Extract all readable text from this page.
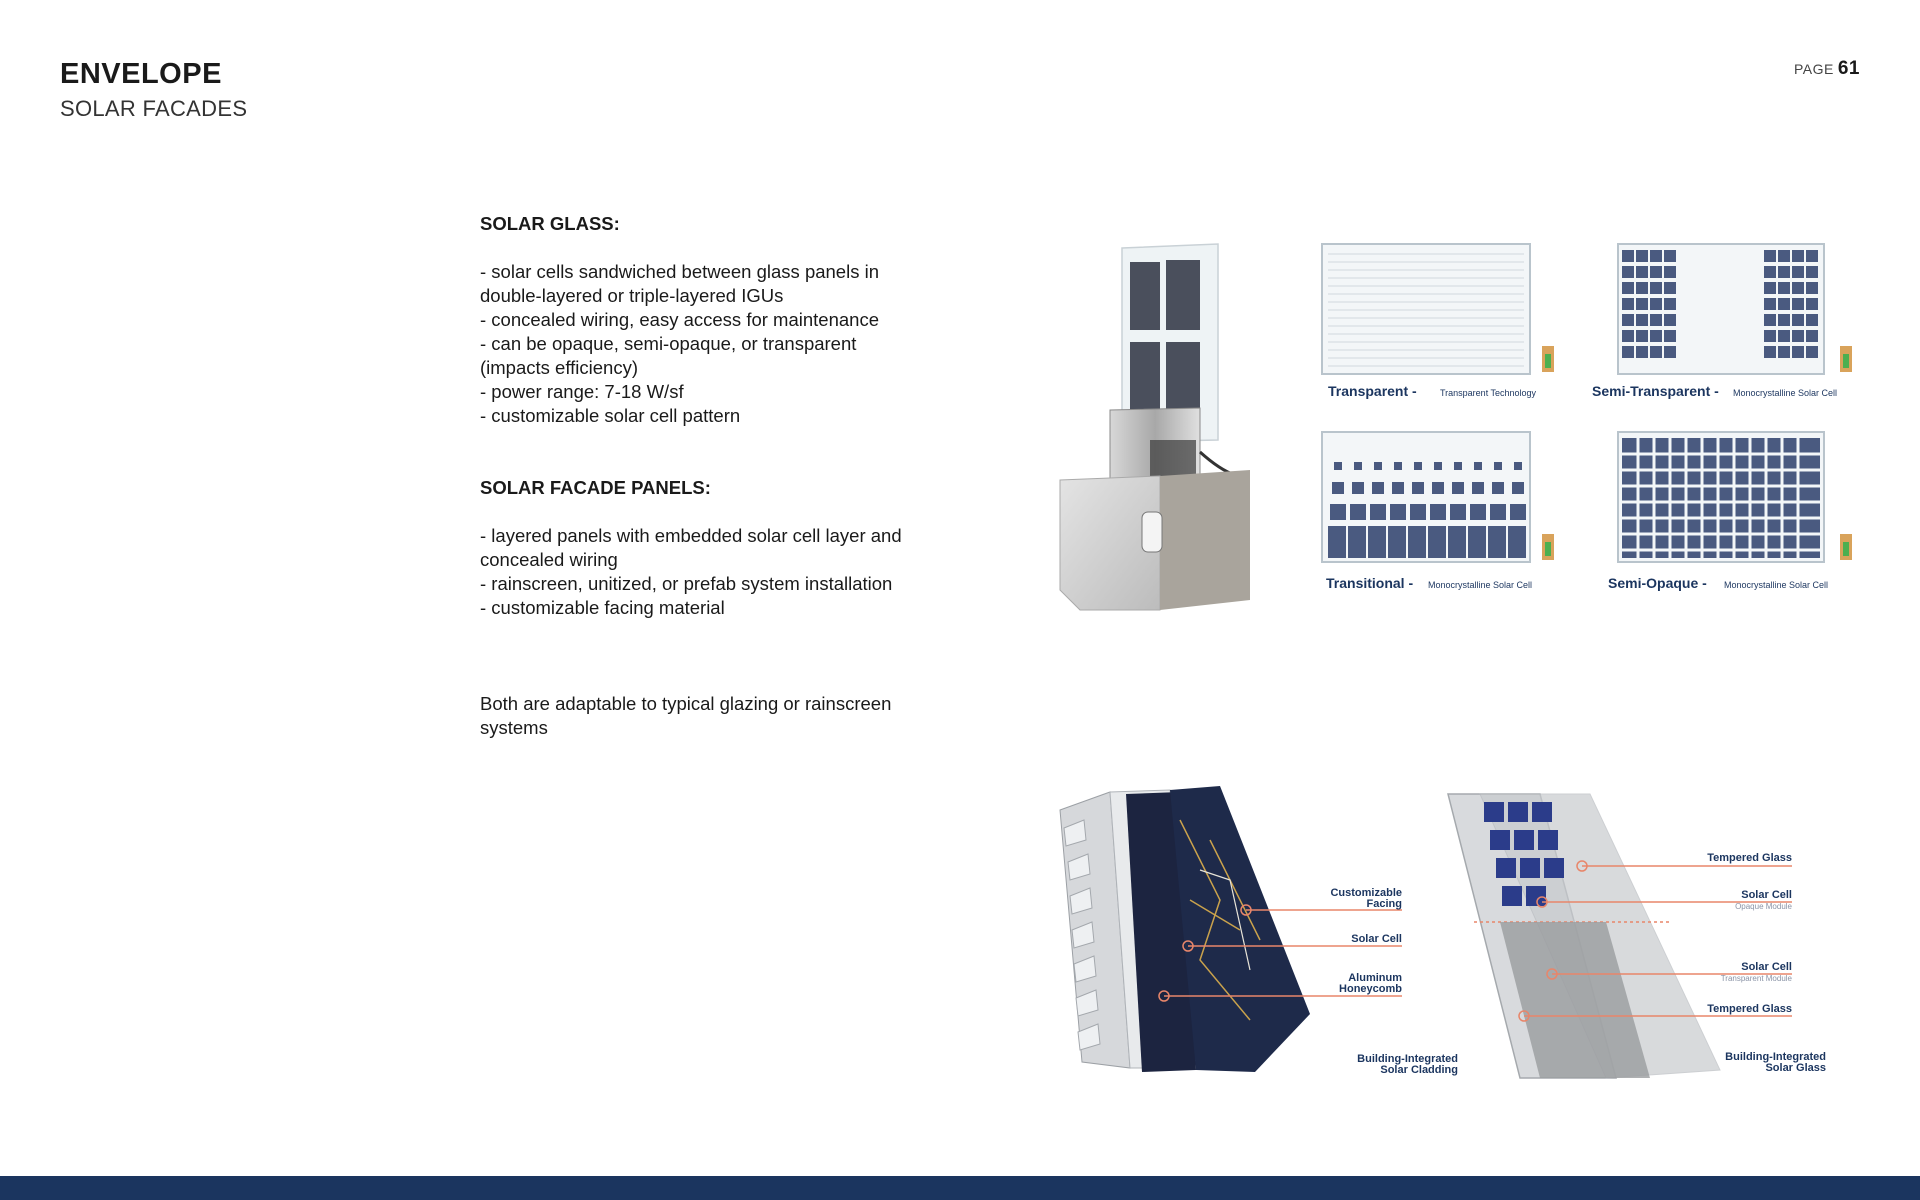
ENVELOPE
SOLAR FACADES
PAGE 61
SOLAR GLASS:
- solar cells sandwiched between glass panels in double-layered or triple-layered IGUs
- concealed wiring, easy access for maintenance
- can be opaque, semi-opaque, or transparent (impacts efficiency)
- power range: 7-18 W/sf
- customizable solar cell pattern
SOLAR FACADE PANELS:
- layered panels with embedded solar cell layer and concealed wiring
- rainscreen, unitized, or prefab system installation
- customizable facing material
Both are adaptable to typical glazing or rainscreen systems
Transparent -	Transparent Technology	Semi-Transparent - Monocrystalline Solar Cell
Transitional - Monocrystalline Solar Cell	Semi-Opaque - Monocrystalline Solar Cell
Customizable
Facing
Solar Cell
Aluminum
Honeycomb
Building-Integrated
Solar Cladding
Tempered Glass
Solar Cell
Opaque Module
Solar Cell
Transparent Module
Tempered Glass
Building-Integrated
Solar Glass
